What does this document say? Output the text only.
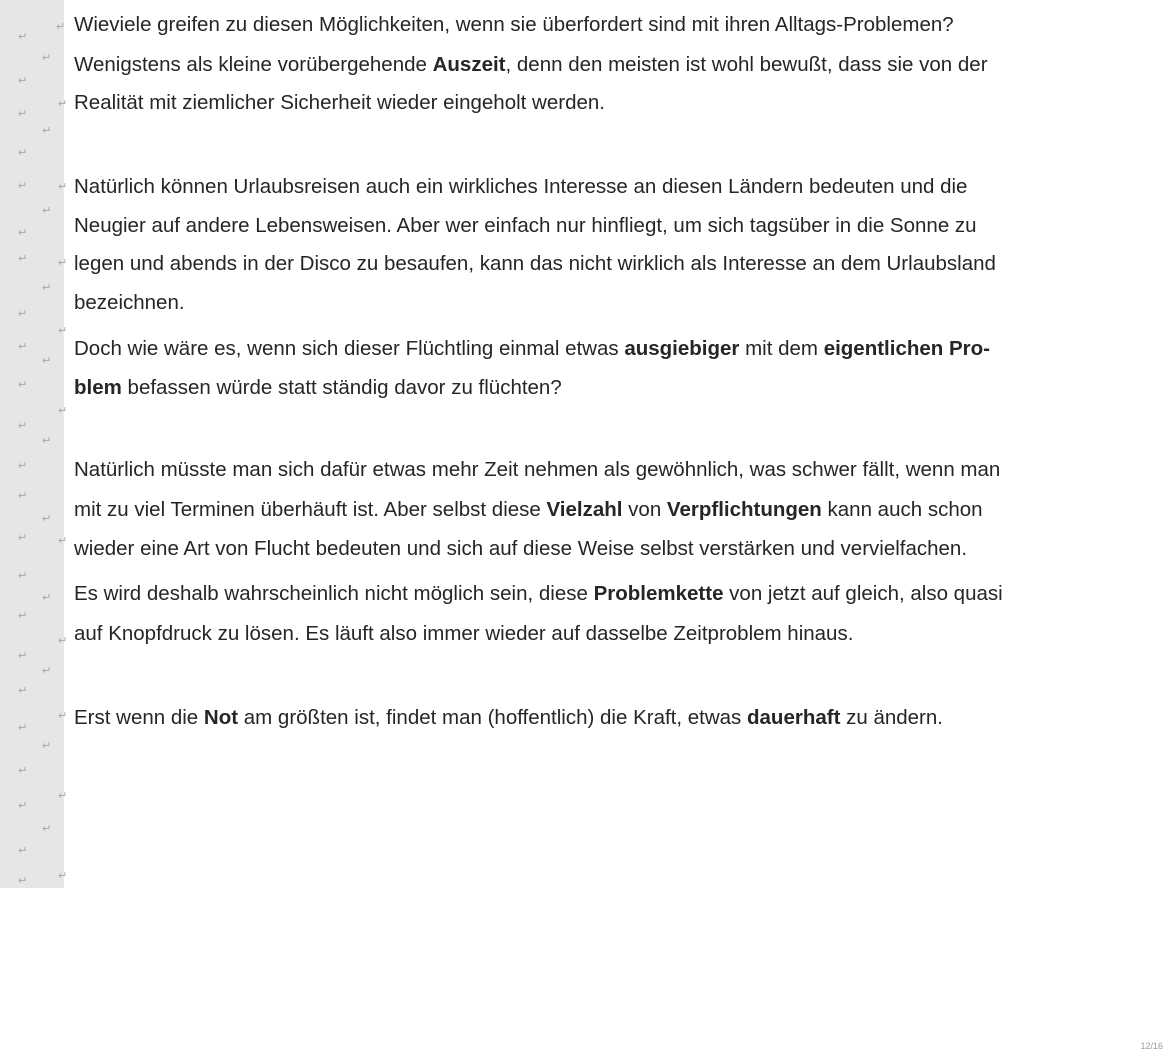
↵
↵
↵
↵
↵
↵
↵
↵
↵	↵
↵
↵
↵	↵
↵
↵
↵
↵
↵
↵
↵
↵
↵
↵
↵
↵
↵	↵
↵
↵
↵
↵
↵
↵
↵
↵
↵
↵
↵
↵
↵
↵
↵
↵
↵
Wieviele greifen zu diesen Möglichkeiten, wenn sie überfordert sind mit ihren Alltags-Problemen?
Wenigstens als kleine vorübergehende Auszeit, denn den meisten ist wohl bewußt, dass sie von der
Realität mit ziemlicher Sicherheit wieder eingeholt werden.
Natürlich können Urlaubsreisen auch ein wirkliches Interesse an diesen Ländern bedeuten und die
Neugier auf andere Lebensweisen. Aber wer einfach nur hinfliegt, um sich tagsüber in die Sonne zu
legen und abends in der Disco zu besaufen, kann das nicht wirklich als Interesse an dem Urlaubsland
bezeichnen.
Doch wie wäre es, wenn sich dieser Flüchtling einmal etwas ausgiebiger mit dem eigentlichen Pro-
blem befassen würde statt ständig davor zu flüchten?
Natürlich müsste man sich dafür etwas mehr Zeit nehmen als gewöhnlich, was schwer fällt, wenn man
mit zu viel Terminen überhäuft ist. Aber selbst diese Vielzahl von Verpflichtungen kann auch schon
wieder eine Art von Flucht bedeuten und sich auf diese Weise selbst verstärken und vervielfachen.
Es wird deshalb wahrscheinlich nicht möglich sein, diese Problemkette von jetzt auf gleich, also quasi
auf Knopfdruck zu lösen. Es läuft also immer wieder auf dasselbe Zeitproblem hinaus.
Erst wenn die Not am größten ist, findet man (hoffentlich) die Kraft, etwas dauerhaft zu ändern.
12/16
